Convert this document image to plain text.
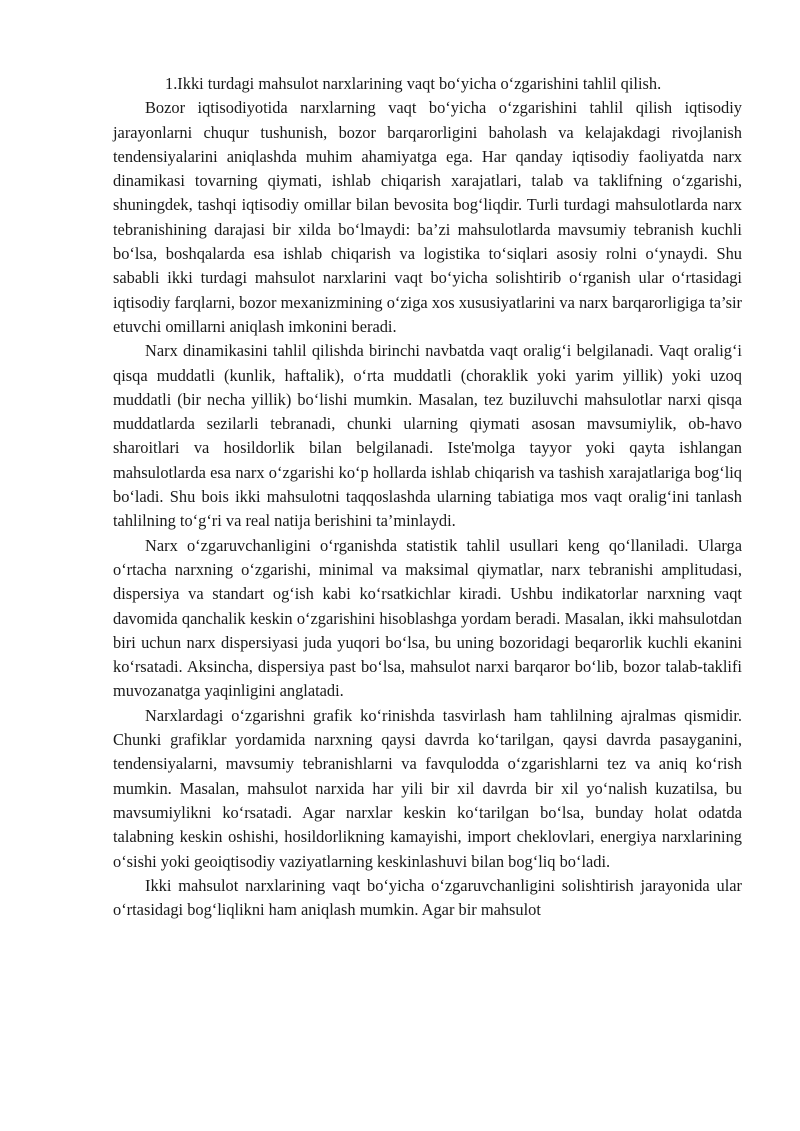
1.Ikki turdagi mahsulot narxlarining vaqt bo‘yicha o‘zgarishini tahlil qilish.

Bozor iqtisodiyotida narxlarning vaqt bo‘yicha o‘zgarishini tahlil qilish iqtisodiy jarayonlarni chuqur tushunish, bozor barqarorligini baholash va kelajakdagi rivojlanish tendensiyalarini aniqlashda muhim ahamiyatga ega. Har qanday iqtisodiy faoliyatda narx dinamikasi tovarning qiymati, ishlab chiqarish xarajatlari, talab va taklifning o‘zgarishi, shuningdek, tashqi iqtisodiy omillar bilan bevosita bog‘liqdir. Turli turdagi mahsulotlarda narx tebranishining darajasi bir xilda bo‘lmaydi: ba’zi mahsulotlarda mavsumiy tebranish kuchli bo‘lsa, boshqalarda esa ishlab chiqarish va logistika to‘siqlari asosiy rolni o‘ynaydi. Shu sababli ikki turdagi mahsulot narxlarini vaqt bo‘yicha solishtirib o‘rganish ular o‘rtasidagi iqtisodiy farqlarni, bozor mexanizmining o‘ziga xos xususiyatlarini va narx barqarorligiga ta’sir etuvchi omillarni aniqlash imkonini beradi.

Narx dinamikasini tahlil qilishda birinchi navbatda vaqt oralig‘i belgilanadi. Vaqt oralig‘i qisqa muddatli (kunlik, haftalik), o‘rta muddatli (choraklik yoki yarim yillik) yoki uzoq muddatli (bir necha yillik) bo‘lishi mumkin. Masalan, tez buziluvchi mahsulotlar narxi qisqa muddatlarda sezilarli tebranadi, chunki ularning qiymati asosan mavsumiylik, ob-havo sharoitlari va hosildorlik bilan belgilanadi. Iste'molga tayyor yoki qayta ishlangan mahsulotlarda esa narx o‘zgarishi ko‘p hollarda ishlab chiqarish va tashish xarajatlariga bog‘liq bo‘ladi. Shu bois ikki mahsulotni taqqoslashda ularning tabiatiga mos vaqt oralig‘ini tanlash tahlilning to‘g‘ri va real natija berishini ta’minlaydi.

Narx o‘zgaruvchanligini o‘rganishda statistik tahlil usullari keng qo‘llaniladi. Ularga o‘rtacha narxning o‘zgarishi, minimal va maksimal qiymatlar, narx tebranishi amplitudasi, dispersiya va standart og‘ish kabi ko‘rsatkichlar kiradi. Ushbu indikatorlar narxning vaqt davomida qanchalik keskin o‘zgarishini hisoblashga yordam beradi. Masalan, ikki mahsulotdan biri uchun narx dispersiyasi juda yuqori bo‘lsa, bu uning bozoridagi beqarorlik kuchli ekanini ko‘rsatadi. Aksincha, dispersiya past bo‘lsa, mahsulot narxi barqaror bo‘lib, bozor talab-taklifi muvozanatga yaqinligini anglatadi.

Narxlardagi o‘zgarishni grafik ko‘rinishda tasvirlash ham tahlilning ajralmas qismidir. Chunki grafiklar yordamida narxning qaysi davrda ko‘tarilgan, qaysi davrda pasayganini, tendensiyalarni, mavsumiy tebranishlarni va favqulodda o‘zgarishlarni tez va aniq ko‘rish mumkin. Masalan, mahsulot narxida har yili bir xil davrda bir xil yo‘nalish kuzatilsa, bu mavsumiylikni ko‘rsatadi. Agar narxlar keskin ko‘tarilgan bo‘lsa, bunday holat odatda talabning keskin oshishi, hosildorlikning kamayishi, import cheklovlari, energiya narxlarining o‘sishi yoki geoiqtisodiy vaziyatlarning keskinlashuvi bilan bog‘liq bo‘ladi.

Ikki mahsulot narxlarining vaqt bo‘yicha o‘zgaruvchanligini solishtirish jarayonida ular o‘rtasidagi bog‘liqlikni ham aniqlash mumkin. Agar bir mahsulot
